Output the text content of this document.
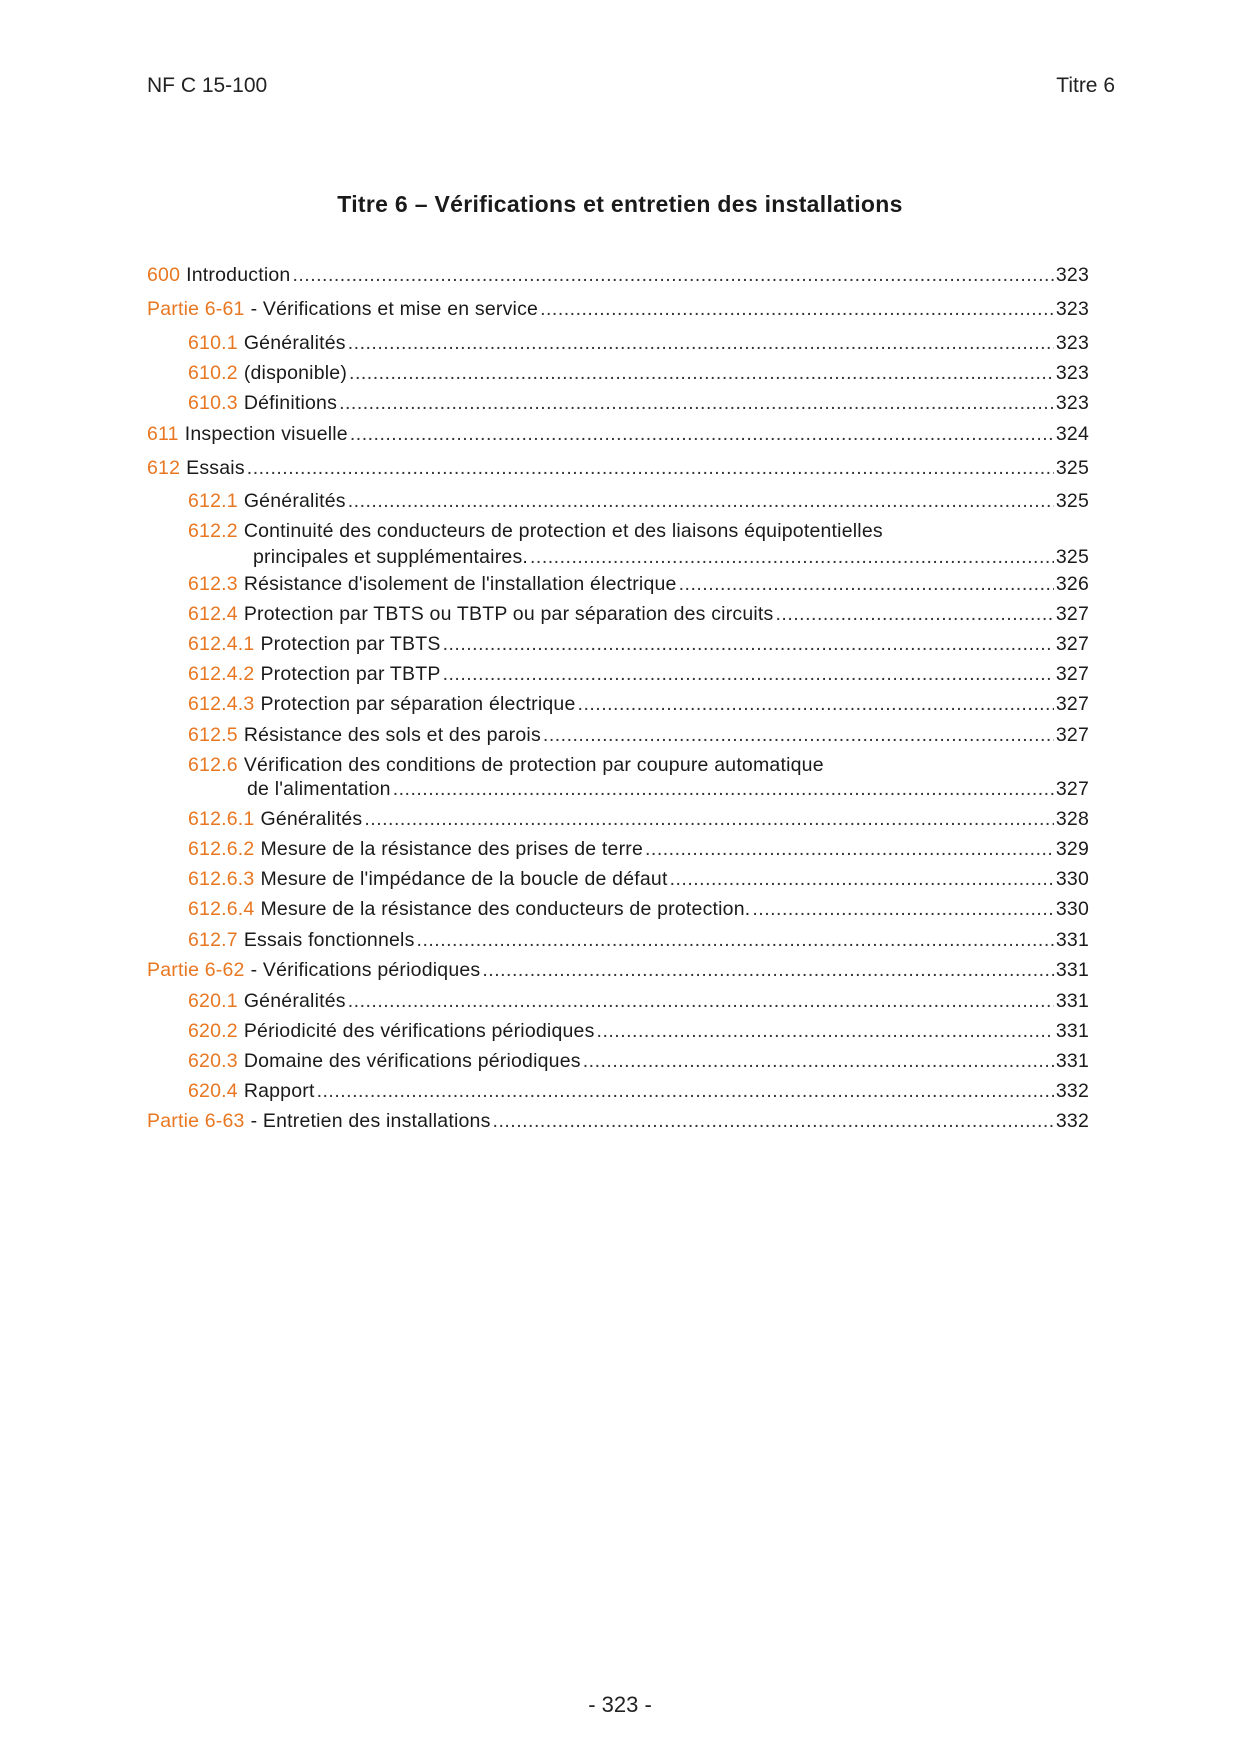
NF C 15-100	Titre 6
Titre 6 – Vérifications et entretien des installations
600 Introduction .....	323
Partie 6-61 - Vérifications et mise en service .....	323
610.1 Généralités .....	323
610.2 (disponible) .....	323
610.3 Définitions .....	323
611 Inspection visuelle .....	324
612 Essais .....	325
612.1 Généralités .....	325
612.2 Continuité des conducteurs de protection et des liaisons équipotentielles
principales et supplémentaires. .....	325
612.3 Résistance d'isolement de l'installation électrique .....	326
612.4 Protection par TBTS ou TBTP ou par séparation des circuits .....	327
612.4.1 Protection par TBTS .....	327
612.4.2 Protection par TBTP .....	327
612.4.3 Protection par séparation électrique .....	327
612.5 Résistance des sols et des parois .....	327
612.6 Vérification des conditions de protection par coupure automatique
de l'alimentation .....	327
612.6.1 Généralités .....	328
612.6.2 Mesure de la résistance des prises de terre .....	329
612.6.3 Mesure de l'impédance de la boucle de défaut .....	330
612.6.4 Mesure de la résistance des conducteurs de protection. .....	330
612.7 Essais fonctionnels .....	331
Partie 6-62 - Vérifications périodiques .....	331
620.1 Généralités .....	331
620.2 Périodicité des vérifications périodiques .....	331
620.3 Domaine des vérifications périodiques .....	331
620.4 Rapport .....	332
Partie 6-63 - Entretien des installations .....	332
- 323 -
